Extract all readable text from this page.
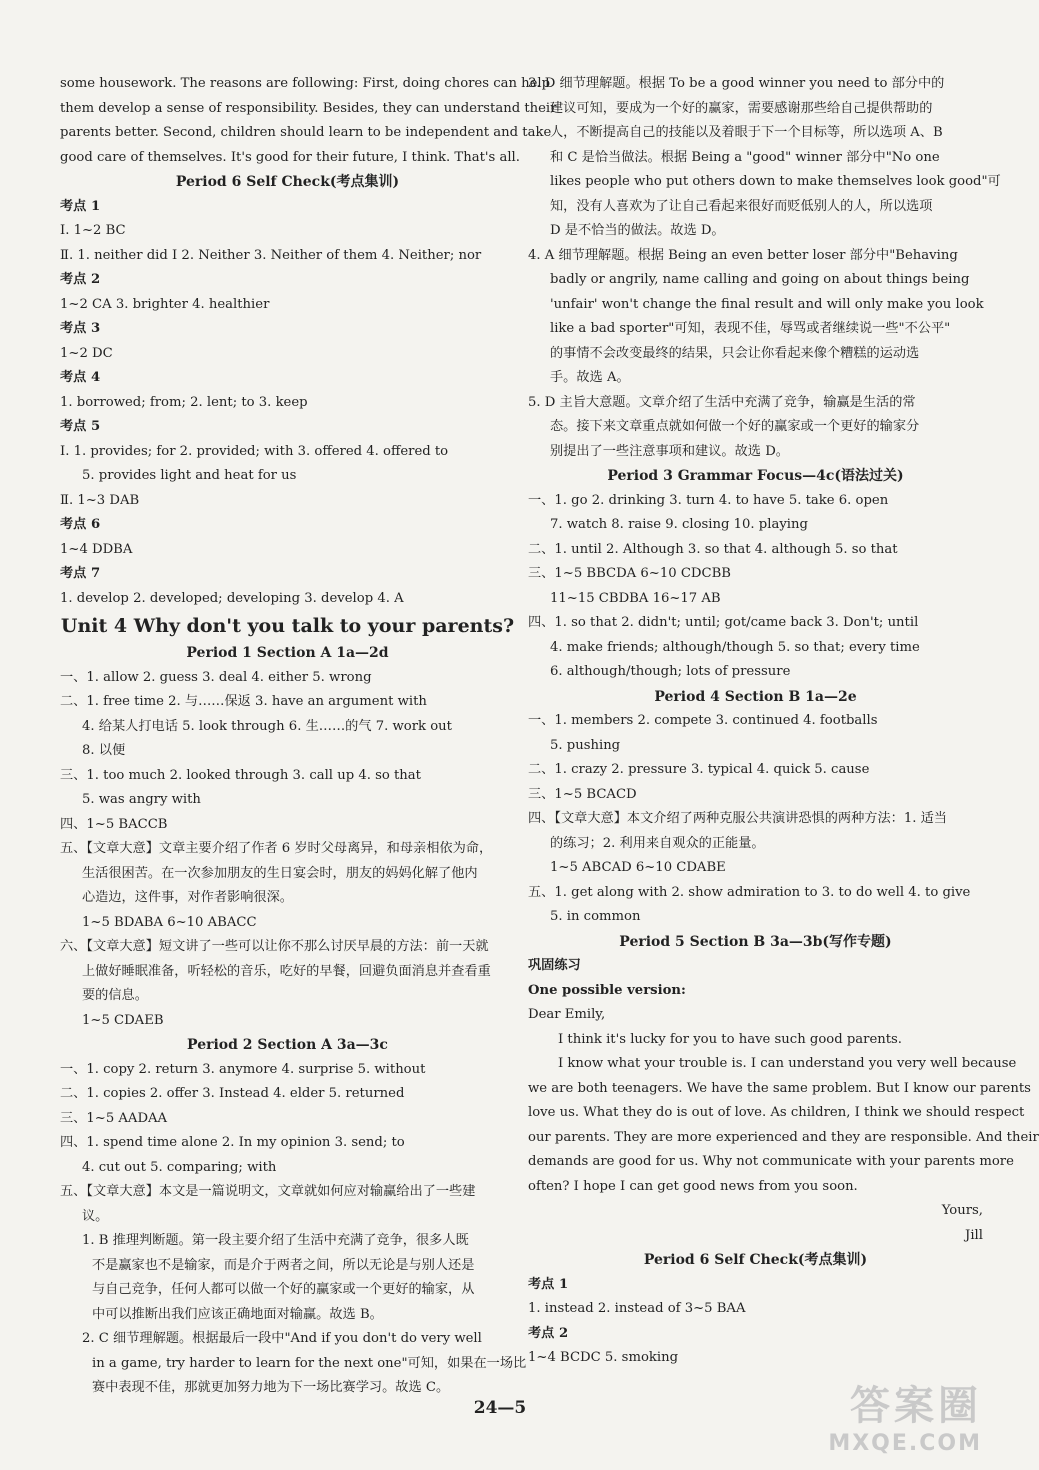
some housework. The reasons are following: First, doing chores can help
them develop a sense of responsibility. Besides, they can understand their
parents better. Second, children should learn to be independent and take
good care of themselves. It's good for their future, I think. That's all.
Period 6 Self Check(考点集训)
考点 1
Ⅰ. 1~2 BC
Ⅱ. 1. neither did I 2. Neither 3. Neither of them 4. Neither; nor
考点 2
1~2 CA 3. brighter 4. healthier
考点 3
1~2 DC
考点 4
1. borrowed; from; 2. lent; to 3. keep
考点 5
Ⅰ. 1. provides; for 2. provided; with 3. offered 4. offered to
5. provides light and heat for us
Ⅱ. 1~3 DAB
考点 6
1~4 DDBA
考点 7
1. develop 2. developed; developing 3. develop 4. A
Unit 4 Why don't you talk to your parents?
Period 1 Section A 1a—2d
一、1. allow 2. guess 3. deal 4. either 5. wrong
二、1. free time 2. 与……保返 3. have an argument with
4. 给某人打电话 5. look through 6. 生……的气 7. work out
8. 以便
三、1. too much 2. looked through 3. call up 4. so that
5. was angry with
四、1~5 BACCB
五、【文章大意】文章主要介绍了作者 6 岁时父母离异，和母亲相依为命，
生活很困苦。在一次参加朋友的生日宴会时，朋友的妈妈化解了他内
心造边，这件事，对作者影响很深。
1~5 BDABA 6~10 ABACC
六、【文章大意】短文讲了一些可以让你不那么讨厌早晨的方法：前一天就
上做好睡眠准备，听轻松的音乐，吃好的早餐，回避负面消息并查看重
要的信息。
1~5 CDAEB
Period 2 Section A 3a—3c
一、1. copy 2. return 3. anymore 4. surprise 5. without
二、1. copies 2. offer 3. Instead 4. elder 5. returned
三、1~5 AADAA
四、1. spend time alone 2. In my opinion 3. send; to
4. cut out 5. comparing; with
五、【文章大意】本文是一篇说明文，文章就如何应对输赢给出了一些建
议。
1. B 推理判断题。第一段主要介绍了生活中充满了竞争，很多人既
不是赢家也不是输家，而是介于两者之间，所以无论是与别人还是
与自己竞争，任何人都可以做一个好的赢家或一个更好的输家，从
中可以推断出我们应该正确地面对输赢。故选 B。
2. C 细节理解题。根据最后一段中"And if you don't do very well
in a game, try harder to learn for the next one"可知，如果在一场比
赛中表现不佳，那就更加努力地为下一场比赛学习。故选 C。
3. D 细节理解题。根据 To be a good winner you need to 部分中的
建议可知，要成为一个好的赢家，需要感谢那些给自己提供帮助的
人，不断提高自己的技能以及着眼于下一个目标等，所以选项 A、B
和 C 是恰当做法。根据 Being a "good" winner 部分中"No one
likes people who put others down to make themselves look good"可
知，没有人喜欢为了让自己看起来很好而贬低别人的人，所以选项
D 是不恰当的做法。故选 D。
4. A 细节理解题。根据 Being an even better loser 部分中"Behaving
badly or angrily, name calling and going on about things being
'unfair' won't change the final result and will only make you look
like a bad sporter"可知，表现不佳，辱骂或者继续说一些"不公平"
的事情不会改变最终的结果，只会让你看起来像个糟糕的运动选
手。故选 A。
5. D 主旨大意题。文章介绍了生活中充满了竞争，输赢是生活的常
态。接下来文章重点就如何做一个好的赢家或一个更好的输家分
别提出了一些注意事项和建议。故选 D。
Period 3 Grammar Focus—4c(语法过关)
一、1. go 2. drinking 3. turn 4. to have 5. take 6. open
7. watch 8. raise 9. closing 10. playing
二、1. until 2. Although 3. so that 4. although 5. so that
三、1~5 BBCDA 6~10 CDCBB
11~15 CBDBA 16~17 AB
四、1. so that 2. didn't; until; got/came back 3. Don't; until
4. make friends; although/though 5. so that; every time
6. although/though; lots of pressure
Period 4 Section B 1a—2e
一、1. members 2. compete 3. continued 4. footballs
5. pushing
二、1. crazy 2. pressure 3. typical 4. quick 5. cause
三、1~5 BCACD
四、【文章大意】本文介绍了两种克服公共演讲恐惧的两种方法：1. 适当
的练习；2. 利用来自观众的正能量。
1~5 ABCAD 6~10 CDABE
五、1. get along with 2. show admiration to 3. to do well 4. to give
5. in common
Period 5 Section B 3a—3b(写作专题)
巩固练习
One possible version:
Dear Emily,
I think it's lucky for you to have such good parents.
I know what your trouble is. I can understand you very well because
we are both teenagers. We have the same problem. But I know our parents
love us. What they do is out of love. As children, I think we should respect
our parents. They are more experienced and they are responsible. And their
demands are good for us. Why not communicate with your parents more
often? I hope I can get good news from you soon.
Yours,
Jill
Period 6 Self Check(考点集训)
考点 1
1. instead 2. instead of 3~5 BAA
考点 2
1~4 BCDC 5. smoking
24—5	答案圈
MXQE.COM
